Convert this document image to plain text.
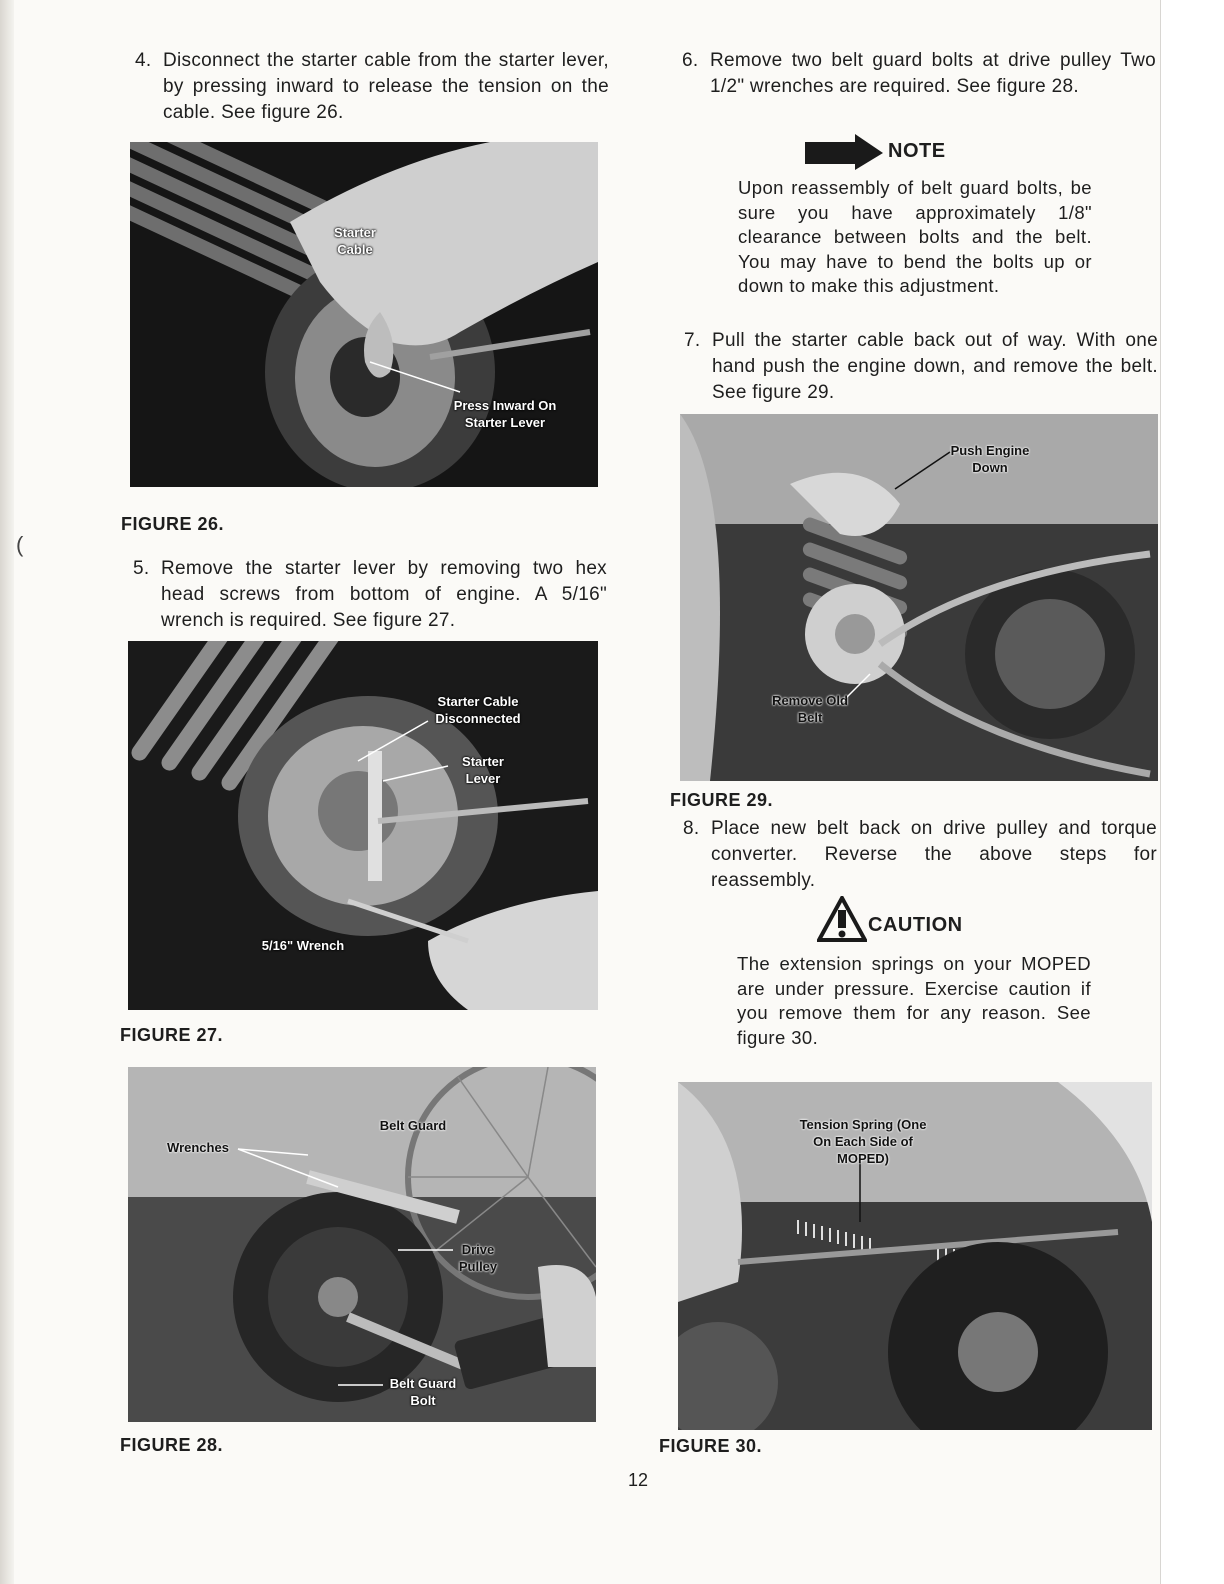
(
4. Disconnect the starter cable from the starter lever, by pressing inward to release the tension on the cable. See figure 26.
Starter Cable
Press Inward On Starter Lever
FIGURE 26.
5. Remove the starter lever by removing two hex head screws from bottom of engine. A 5/16" wrench is required. See figure 27.
Starter Cable Disconnected
Starter Lever
5/16" Wrench
FIGURE 27.
Wrenches
Belt Guard
Drive Pulley
Belt Guard Bolt
FIGURE 28.
6. Remove two belt guard bolts at drive pulley Two 1/2" wrenches are required. See figure 28.
NOTE
Upon reassembly of belt guard bolts, be sure you have approximately 1/8" clearance between bolts and the belt. You may have to bend the bolts up or down to make this adjustment.
7. Pull the starter cable back out of way. With one hand push the engine down, and remove the belt. See figure 29.
Push Engine Down
Remove Old Belt
FIGURE 29.
8. Place new belt back on drive pulley and torque converter. Reverse the above steps for reassembly.
CAUTION
The extension springs on your MOPED are under pressure. Exercise caution if you remove them for any reason. See figure 30.
Tension Spring (One On Each Side of MOPED)
FIGURE 30.
12
